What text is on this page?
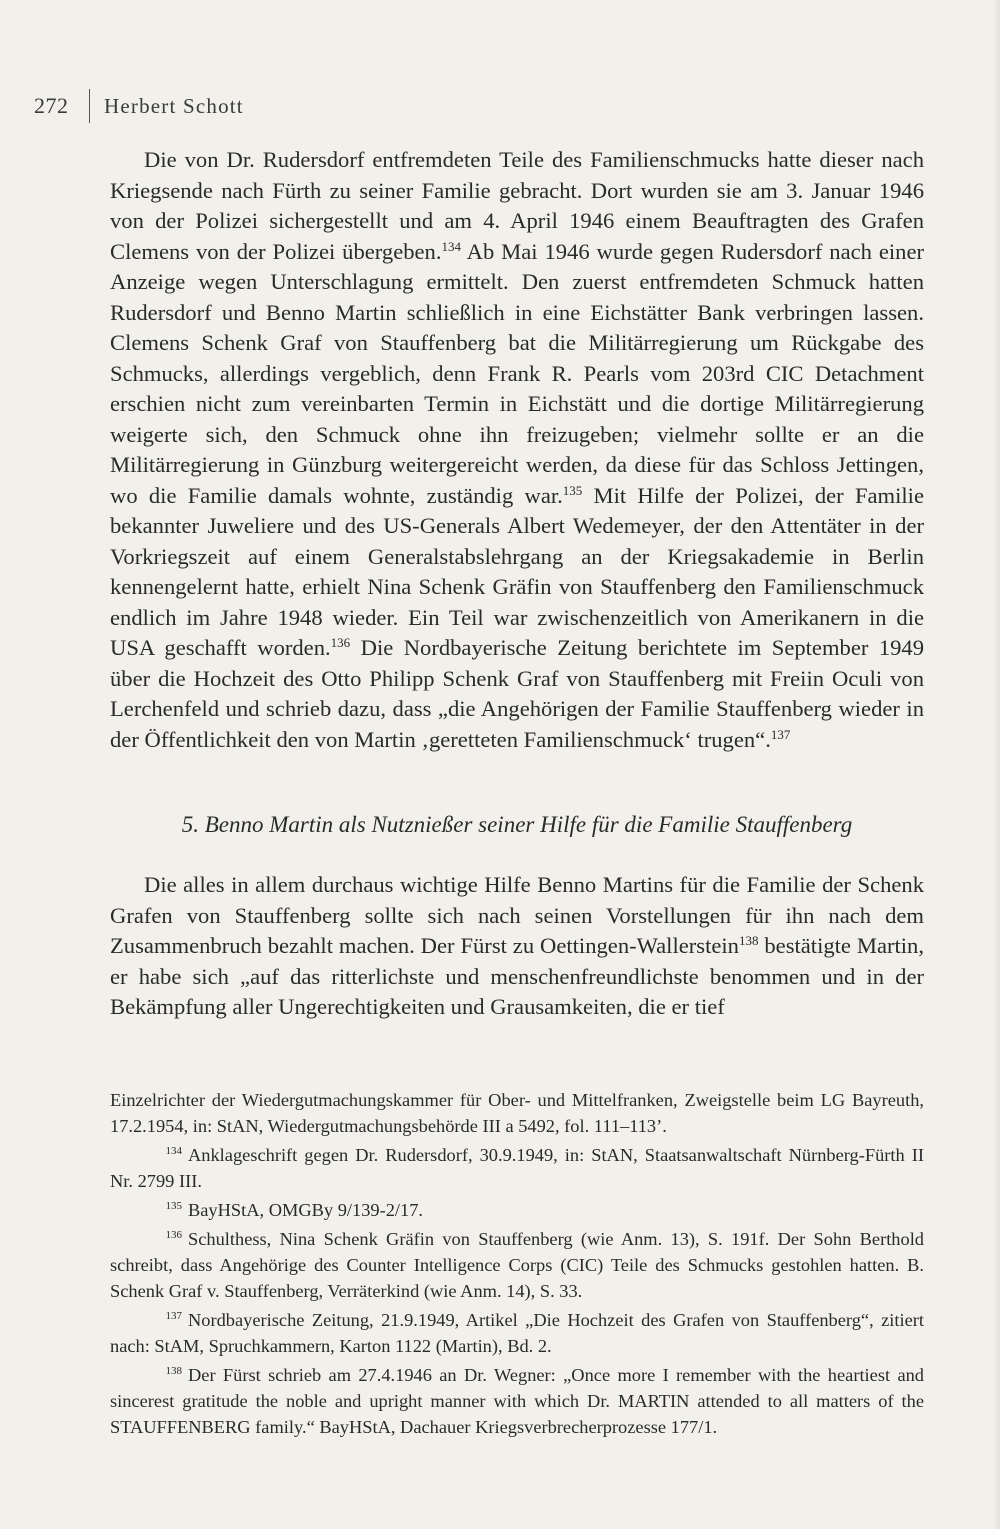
272 Herbert Schott

Die von Dr. Rudersdorf entfremdeten Teile des Familienschmucks hatte dieser nach Kriegsende nach Fürth zu seiner Familie gebracht. Dort wurden sie am 3. Januar 1946 von der Polizei sichergestellt und am 4. April 1946 einem Beauftragten des Grafen Clemens von der Polizei übergeben.$^{134}$ Ab Mai 1946 wurde gegen Rudersdorf nach einer Anzeige wegen Unterschlagung ermittelt. Den zuerst entfremdeten Schmuck hatten Rudersdorf und Benno Martin schließlich in eine Eichstätter Bank verbringen lassen. Clemens Schenk Graf von Stauffenberg bat die Militärregierung um Rückgabe des Schmucks, allerdings vergeblich, denn Frank R. Pearls vom 203rd CIC Detachment erschien nicht zum vereinbarten Termin in Eichstätt und die dortige Militärregierung weigerte sich, den Schmuck ohne ihn freizugeben; vielmehr sollte er an die Militärregierung in Günzburg weitergereicht werden, da diese für das Schloss Jettingen, wo die Familie damals wohnte, zuständig war.$^{135}$ Mit Hilfe der Polizei, der Familie bekannter Juweliere und des US-Generals Albert Wedemeyer, der den Attentäter in der Vorkriegszeit auf einem Generalstabslehrgang an der Kriegsakademie in Berlin kennengelernt hatte, erhielt Nina Schenk Gräfin von Stauffenberg den Familienschmuck endlich im Jahre 1948 wieder. Ein Teil war zwischenzeitlich von Amerikanern in die USA geschafft worden.$^{136}$ Die Nordbayerische Zeitung berichtete im September 1949 über die Hochzeit des Otto Philipp Schenk Graf von Stauffenberg mit Freiin Oculi von Lerchenfeld und schrieb dazu, dass „die Angehörigen der Familie Stauffenberg wieder in der Öffentlichkeit den von Martin ‚geretteten Familienschmuck‘ trugen“.$^{137}$

5. Benno Martin als Nutznießer seiner Hilfe für die Familie Stauffenberg

Die alles in allem durchaus wichtige Hilfe Benno Martins für die Familie der Schenk Grafen von Stauffenberg sollte sich nach seinen Vorstellungen für ihn nach dem Zusammenbruch bezahlt machen. Der Fürst zu Oettingen-Wallerstein$^{138}$ bestätigte Martin, er habe sich „auf das ritterlichste und menschenfreundlichste benommen und in der Bekämpfung aller Ungerechtigkeiten und Grausamkeiten, die er tief

Einzelrichter der Wiedergutmachungskammer für Ober- und Mittelfranken, Zweigstelle beim LG Bayreuth, 17.2.1954, in: StAN, Wiedergutmachungsbehörde III a 5492, fol. 111–113’.

134 Anklageschrift gegen Dr. Rudersdorf, 30.9.1949, in: StAN, Staatsanwaltschaft Nürnberg-Fürth II Nr. 2799 III.

135 BayHStA, OMGBy 9/139-2/17.

136 Schulthess, Nina Schenk Gräfin von Stauffenberg (wie Anm. 13), S. 191f. Der Sohn Berthold schreibt, dass Angehörige des Counter Intelligence Corps (CIC) Teile des Schmucks gestohlen hatten. B. Schenk Graf v. Stauffenberg, Verräterkind (wie Anm. 14), S. 33.

137 Nordbayerische Zeitung, 21.9.1949, Artikel „Die Hochzeit des Grafen von Stauffenberg“, zitiert nach: StAM, Spruchkammern, Karton 1122 (Martin), Bd. 2.

138 Der Fürst schrieb am 27.4.1946 an Dr. Wegner: „Once more I remember with the heartiest and sincerest gratitude the noble and upright manner with which Dr. MARTIN attended to all matters of the STAUFFENBERG family.“ BayHStA, Dachauer Kriegsverbrecherprozesse 177/1.
